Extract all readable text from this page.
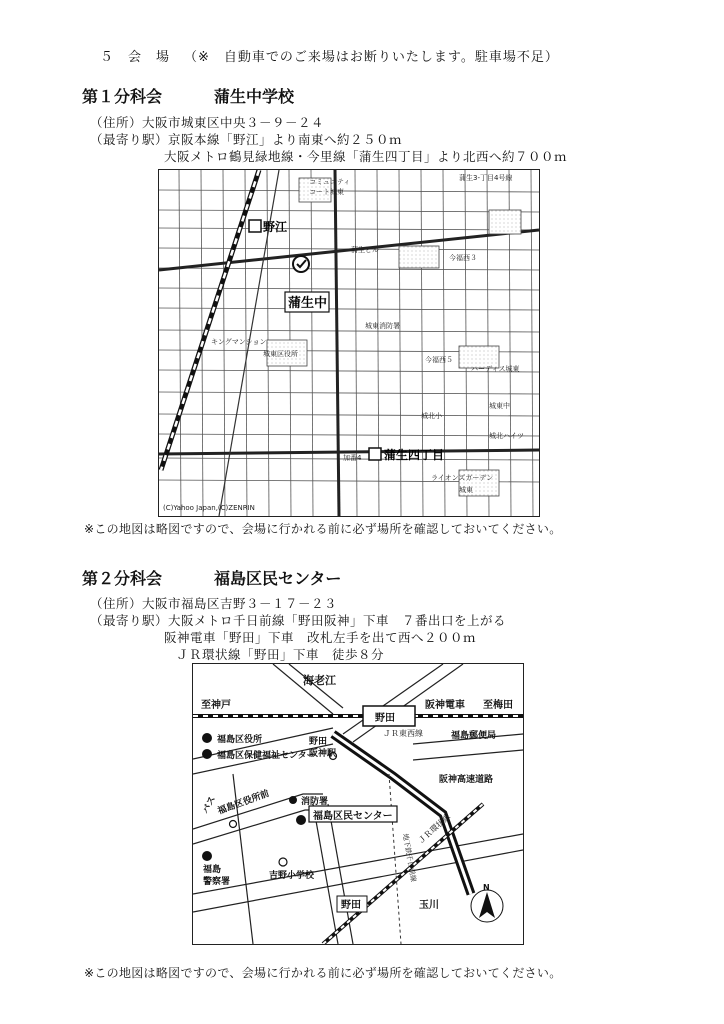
５ 会　場 （※　自動車でのご来場はお断りいたします。駐車場不足）
第１分科会	蒲生中学校
（住所）大阪市城東区中央３－９－２４
（最寄り駅）京阪本線「野江」より南東へ約２５０ｍ
大阪メトロ鶴見緑地線・今里線「蒲生四丁目」より北西へ約７００ｍ
野江
蒲生四丁目
蒲生中
コミュニティ
コート城東
蒲生3-丁目4号線
蒲生ビル
キングマンション
城東区役所
城東消防署
今福西５
ハーディス城東
城東中
城北小
城北ハイツ
ライオンズガーデン
城東
加番4
今福西３
(C)Yahoo Japan,(C)ZENRIN
※この地図は略図ですので、会場に行かれる前に必ず場所を確認しておいてください。
第２分科会	福島区民センター
（住所）大阪市福島区吉野３－１７－２３
（最寄り駅）大阪メトロ千日前線「野田阪神」下車　７番出口を上がる
阪神電車「野田」下車　改札左手を出て西へ２００ｍ
ＪＲ環状線「野田」下車　徒歩８分
海老江
至神戸
野田
阪神電車 至梅田
ＪＲ東西線	福島郵便局
野田
阪神駅
福島区役所
福島区保健福祉センター
阪神高速道路
バス
福島区役所前	消防署
福島区民センター
福島
警察署
吉野小学校	地下鉄千日前線
ＪＲ環状線
野田	玉川
N
※この地図は略図ですので、会場に行かれる前に必ず場所を確認しておいてください。
